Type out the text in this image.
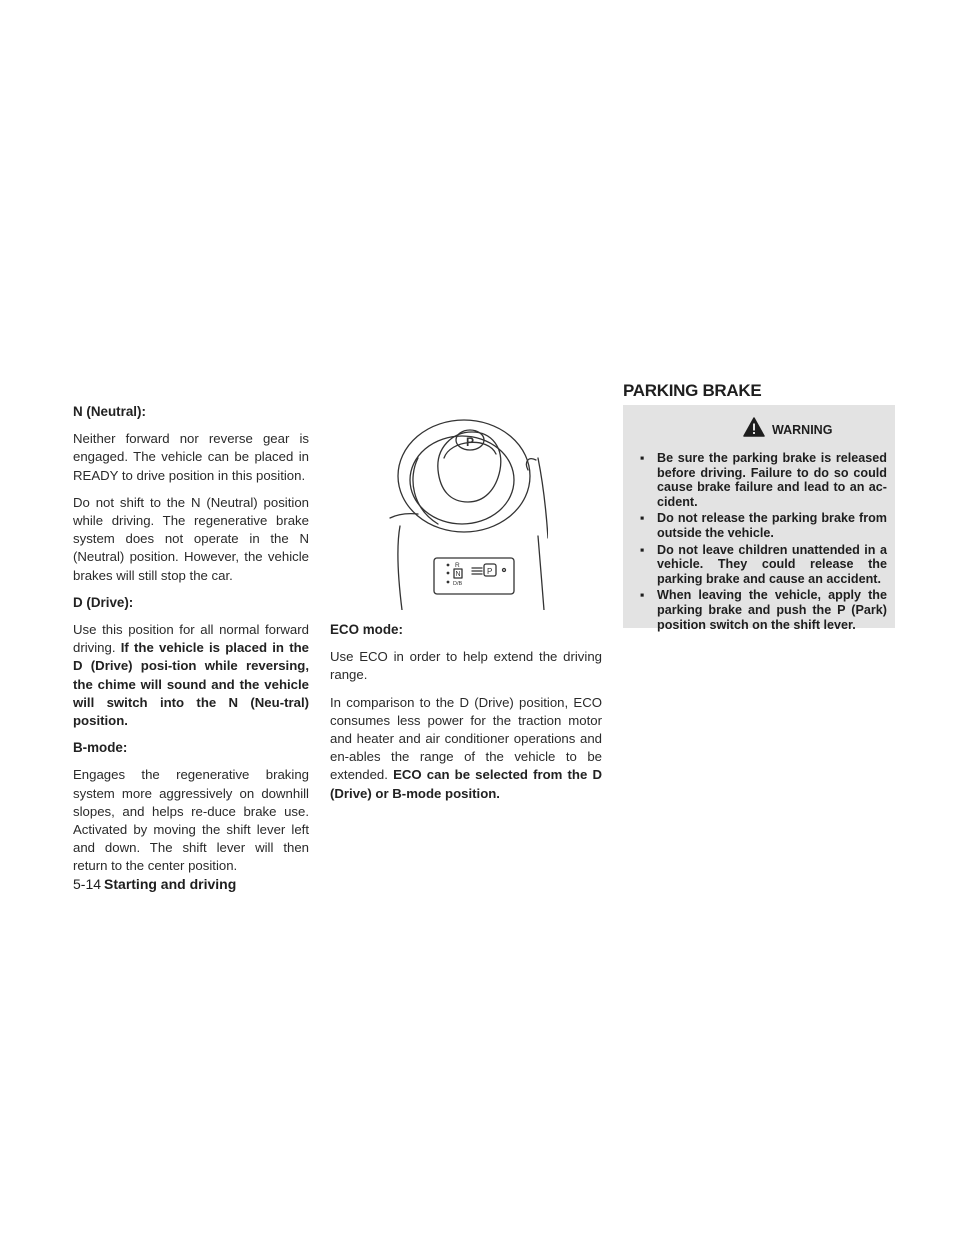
N (Neutral):

Neither forward nor reverse gear is engaged. The vehicle can be placed in READY to drive position in this position.

Do not shift to the N (Neutral) position while driving. The regenerative brake system does not operate in the N (Neutral) position. However, the vehicle brakes will still stop the car.

D (Drive):

Use this position for all normal forward driving. If the vehicle is placed in the D (Drive) posi-tion while reversing, the chime will sound and the vehicle will switch into the N (Neu-tral) position.

B-mode:

Engages the regenerative braking system more aggressively on downhill slopes, and helps re-duce brake use. Activated by moving the shift lever left and down. The shift lever will then return to the center position.

P
R
N
D/B
P
ECO mode:

Use ECO in order to help extend the driving range.

In comparison to the D (Drive) position, ECO consumes less power for the traction motor and heater and air conditioner operations and en-ables the range of the vehicle to be extended. ECO can be selected from the D (Drive) or B-mode position.

PARKING BRAKE
WARNING
▪ Be sure the parking brake is released before driving. Failure to do so could cause brake failure and lead to an ac-cident.
▪ Do not release the parking brake from outside the vehicle.
▪ Do not leave children unattended in a vehicle. They could release the parking brake and cause an accident.
▪ When leaving the vehicle, apply the parking brake and push the P (Park) position switch on the shift lever.
5-14 Starting and driving
